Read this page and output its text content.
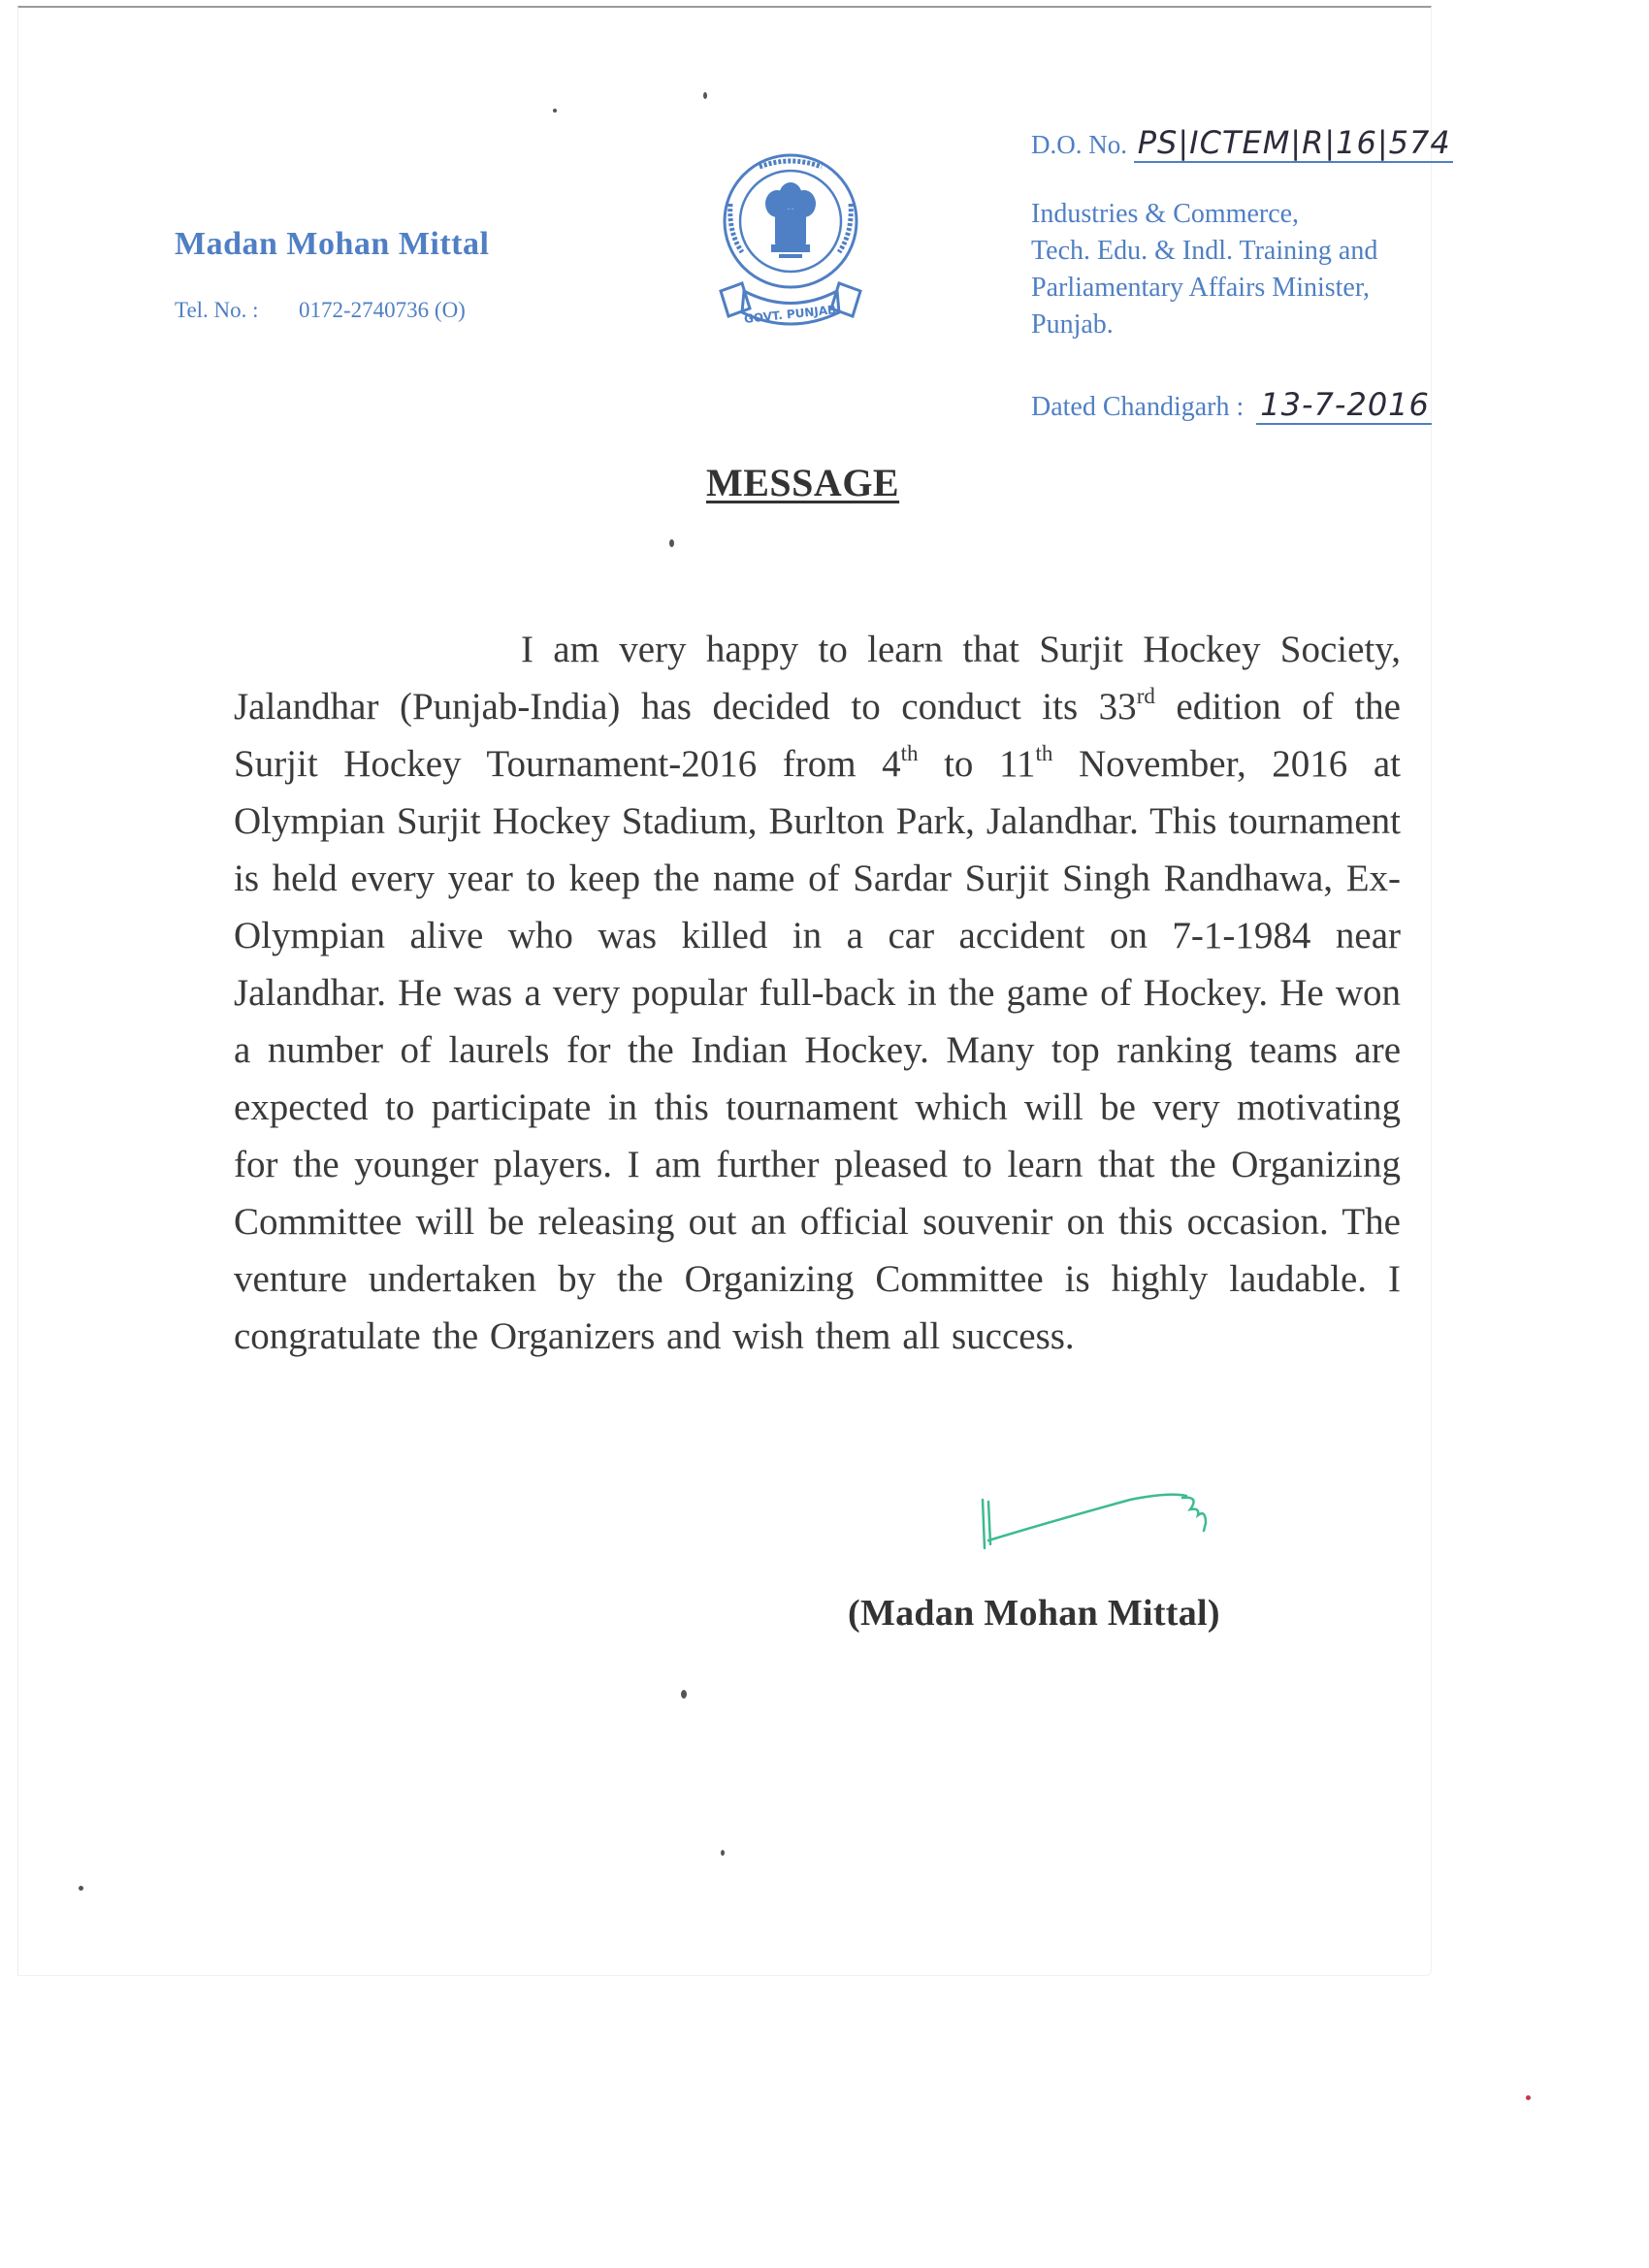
Madan Mohan Mittal
Tel. No. : 0172-2740736 (O)	GOVT. PUNJAB
D.O. No. PS|ICTEM|R|16|574
Industries & Commerce,
Tech. Edu. & Indl. Training and
Parliamentary Affairs Minister,
Punjab.
Dated Chandigarh : 13-7-2016
MESSAGE
I am very happy to learn that Surjit Hockey Society, Jalandhar (Punjab-India) has decided to conduct its 33rd edition of the Surjit Hockey Tournament-2016 from 4th to 11th November, 2016 at Olympian Surjit Hockey Stadium, Burlton Park, Jalandhar. This tournament is held every year to keep the name of Sardar Surjit Singh Randhawa, Ex-Olympian alive who was killed in a car accident on 7-1-1984 near Jalandhar. He was a very popular full-back in the game of Hockey. He won a number of laurels for the Indian Hockey. Many top ranking teams are expected to participate in this tournament which will be very motivating for the younger players. I am further pleased to learn that the Organizing Committee will be releasing out an official souvenir on this occasion. The venture undertaken by the Organizing Committee is highly laudable. I congratulate the Organizers and wish them all success.
(Madan Mohan Mittal)
